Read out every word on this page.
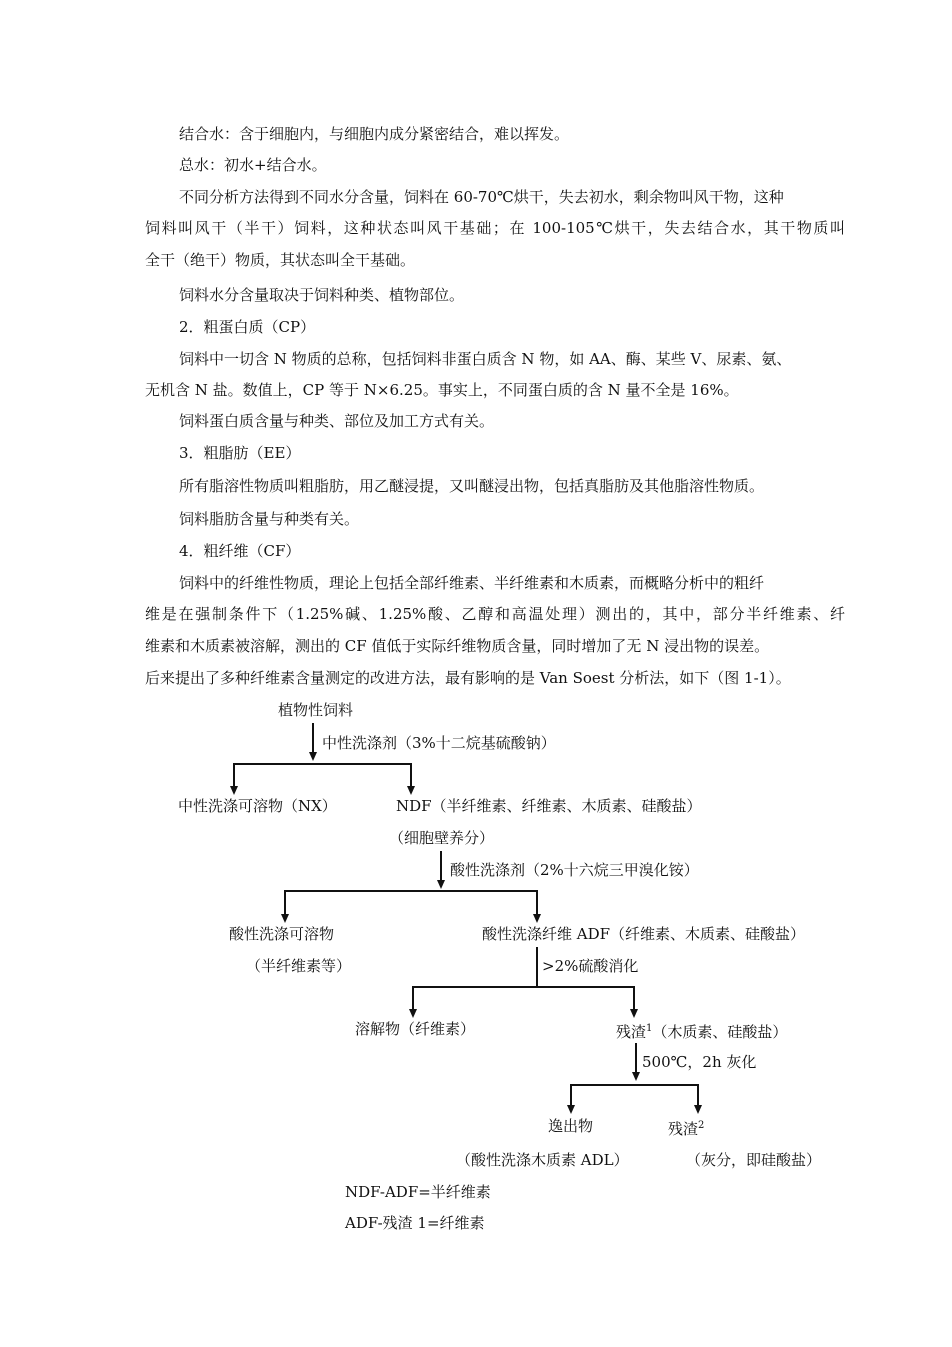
结合水：含于细胞内，与细胞内成分紧密结合，难以挥发。
总水：初水+结合水。
不同分析方法得到不同水分含量，饲料在 60-70℃烘干，失去初水，剩余物叫风干物，这种
饲料叫风干（半干）饲料，这种状态叫风干基础；在 100-105℃烘干，失去结合水，其干物质叫
全干（绝干）物质，其状态叫全干基础。
饲料水分含量取决于饲料种类、植物部位。
2．粗蛋白质（CP）
饲料中一切含 N 物质的总称，包括饲料非蛋白质含 N 物，如 AA、酶、某些 V、尿素、氨、
无机含 N 盐。数值上，CP 等于 N×6.25。事实上，不同蛋白质的含 N 量不全是 16%。
饲料蛋白质含量与种类、部位及加工方式有关。
3．粗脂肪（EE）
所有脂溶性物质叫粗脂肪，用乙醚浸提，又叫醚浸出物，包括真脂肪及其他脂溶性物质。
饲料脂肪含量与种类有关。
4．粗纤维（CF）
饲料中的纤维性物质，理论上包括全部纤维素、半纤维素和木质素，而概略分析中的粗纤
维是在强制条件下（1.25%碱、1.25%酸、乙醇和高温处理）测出的，其中，部分半纤维素、纤
维素和木质素被溶解，测出的 CF 值低于实际纤维物质含量，同时增加了无 N 浸出物的误差。
后来提出了多种纤维素含量测定的改进方法，最有影响的是 Van Soest 分析法，如下（图 1-1）。
植物性饲料
中性洗涤剂（3%十二烷基硫酸钠）
中性洗涤可溶物（NX）	NDF（半纤维素、纤维素、木质素、硅酸盐）
（细胞壁养分）
酸性洗涤剂（2%十六烷三甲溴化铵）
酸性洗涤可溶物
（半纤维素等）
酸性洗涤纤维 ADF（纤维素、木质素、硅酸盐）
>2%硫酸消化
溶解物（纤维素）	残渣$^1$（木质素、硅酸盐）
500℃，2h 灰化
逸出物	残渣$^2$
（酸性洗涤木质素 ADL）	（灰分，即硅酸盐）
NDF-ADF=半纤维素
ADF-残渣 1=纤维素
